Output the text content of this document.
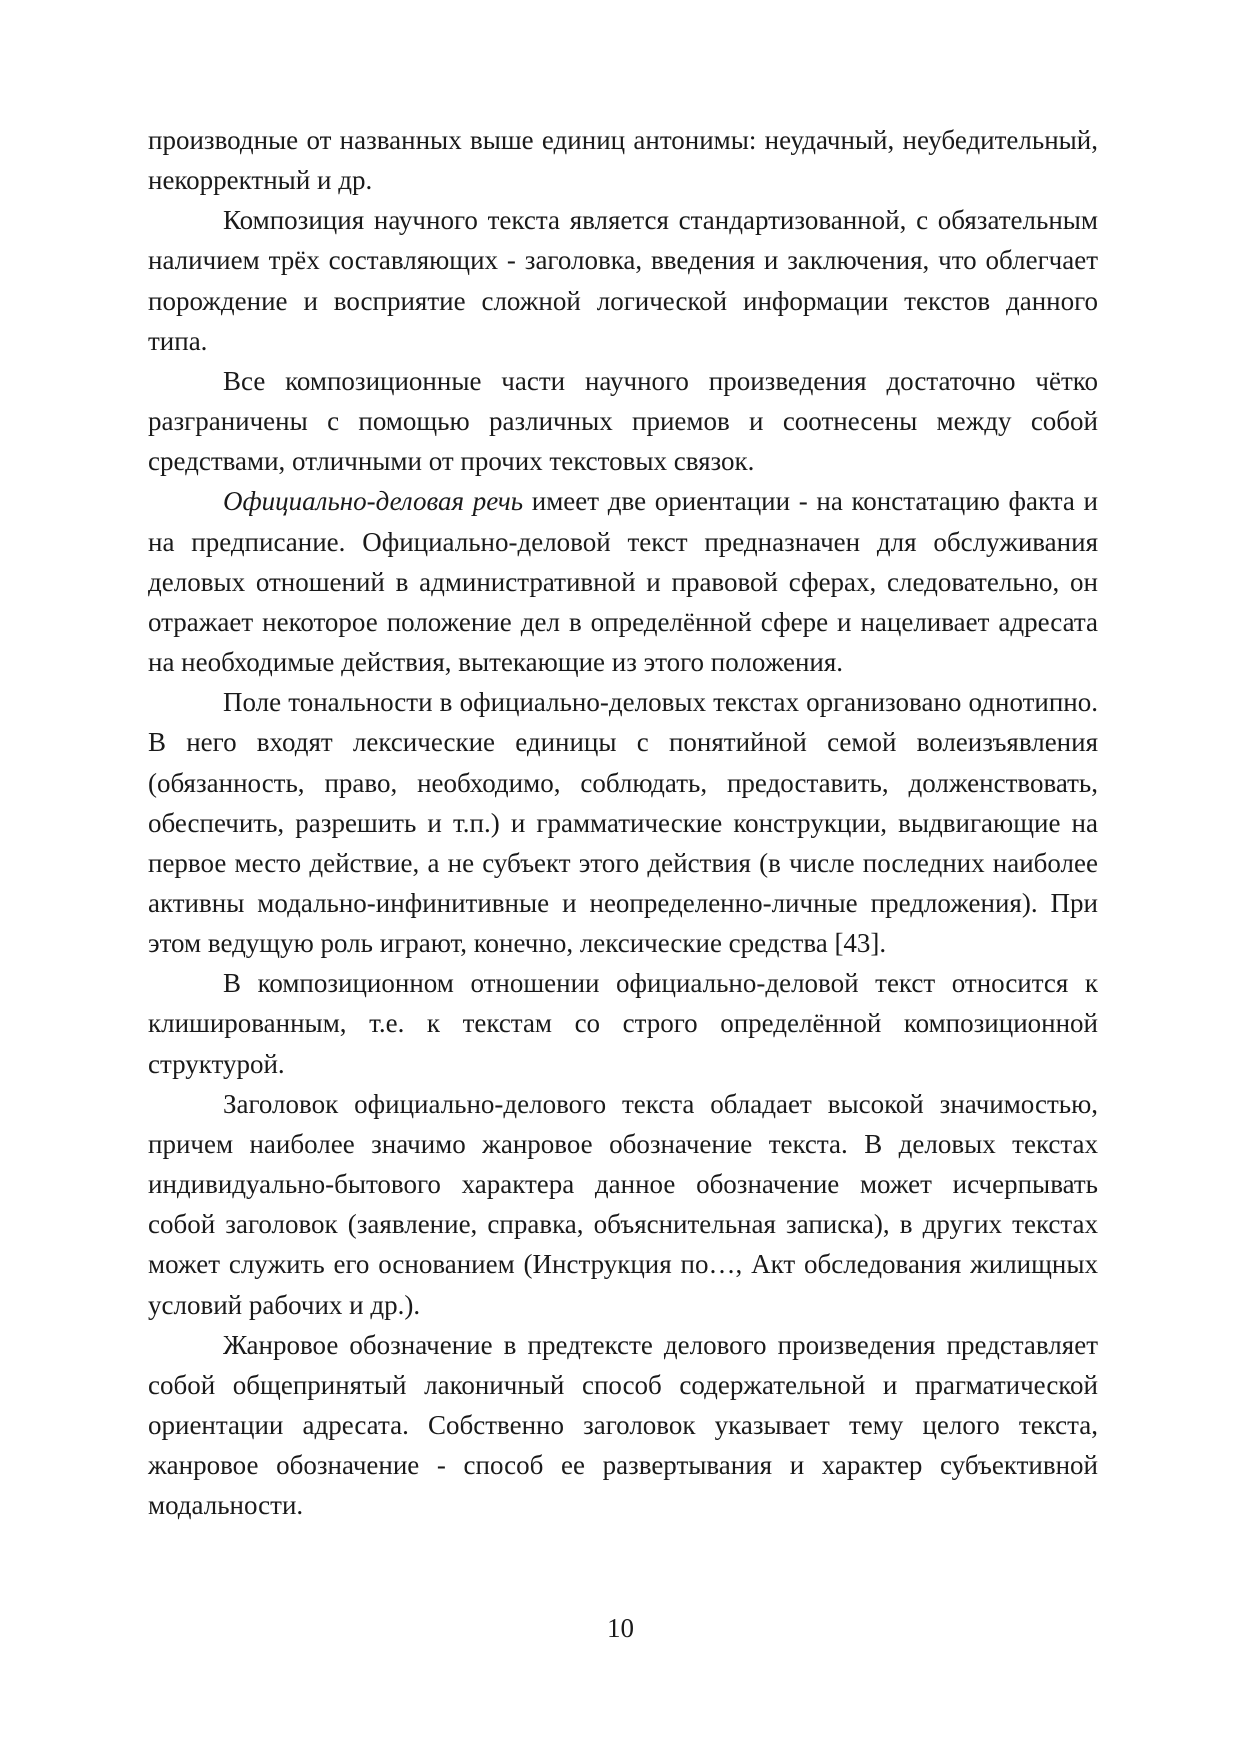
производные от названных выше единиц антонимы: неудачный, неубедительный, некорректный и др.

Композиция научного текста является стандартизованной, с обязательным наличием трёх составляющих - заголовка, введения и заключения, что облегчает порождение и восприятие сложной логической информации текстов данного типа.

Все композиционные части научного произведения достаточно чётко разграничены с помощью различных приемов и соотнесены между собой средствами, отличными от прочих текстовых связок.

Официально-деловая речь имеет две ориентации - на констатацию факта и на предписание. Официально-деловой текст предназначен для обслуживания деловых отношений в административной и правовой сферах, следовательно, он отражает некоторое положение дел в определённой сфере и нацеливает адресата на необходимые действия, вытекающие из этого положения.

Поле тональности в официально-деловых текстах организовано однотипно. В него входят лексические единицы с понятийной семой волеизъявления (обязанность, право, необходимо, соблюдать, предоставить, долженствовать, обеспечить, разрешить и т.п.) и грамматические конструкции, выдвигающие на первое место действие, а не субъект этого действия (в числе последних наиболее активны модально-инфинитивные и неопределенно-личные предложения). При этом ведущую роль играют, конечно, лексические средства [43].

В композиционном отношении официально-деловой текст относится к клишированным, т.е. к текстам со строго определённой композиционной структурой.

Заголовок официально-делового текста обладает высокой значимостью, причем наиболее значимо жанровое обозначение текста. В деловых текстах индивидуально-бытового характера данное обозначение может исчерпывать собой заголовок (заявление, справка, объяснительная записка), в других текстах может служить его основанием (Инструкция по…, Акт обследования жилищных условий рабочих и др.).

Жанровое обозначение в предтексте делового произведения представляет собой общепринятый лаконичный способ содержательной и прагматической ориентации адресата. Собственно заголовок указывает тему целого текста, жанровое обозначение - способ ее развертывания и характер субъективной модальности.

10
